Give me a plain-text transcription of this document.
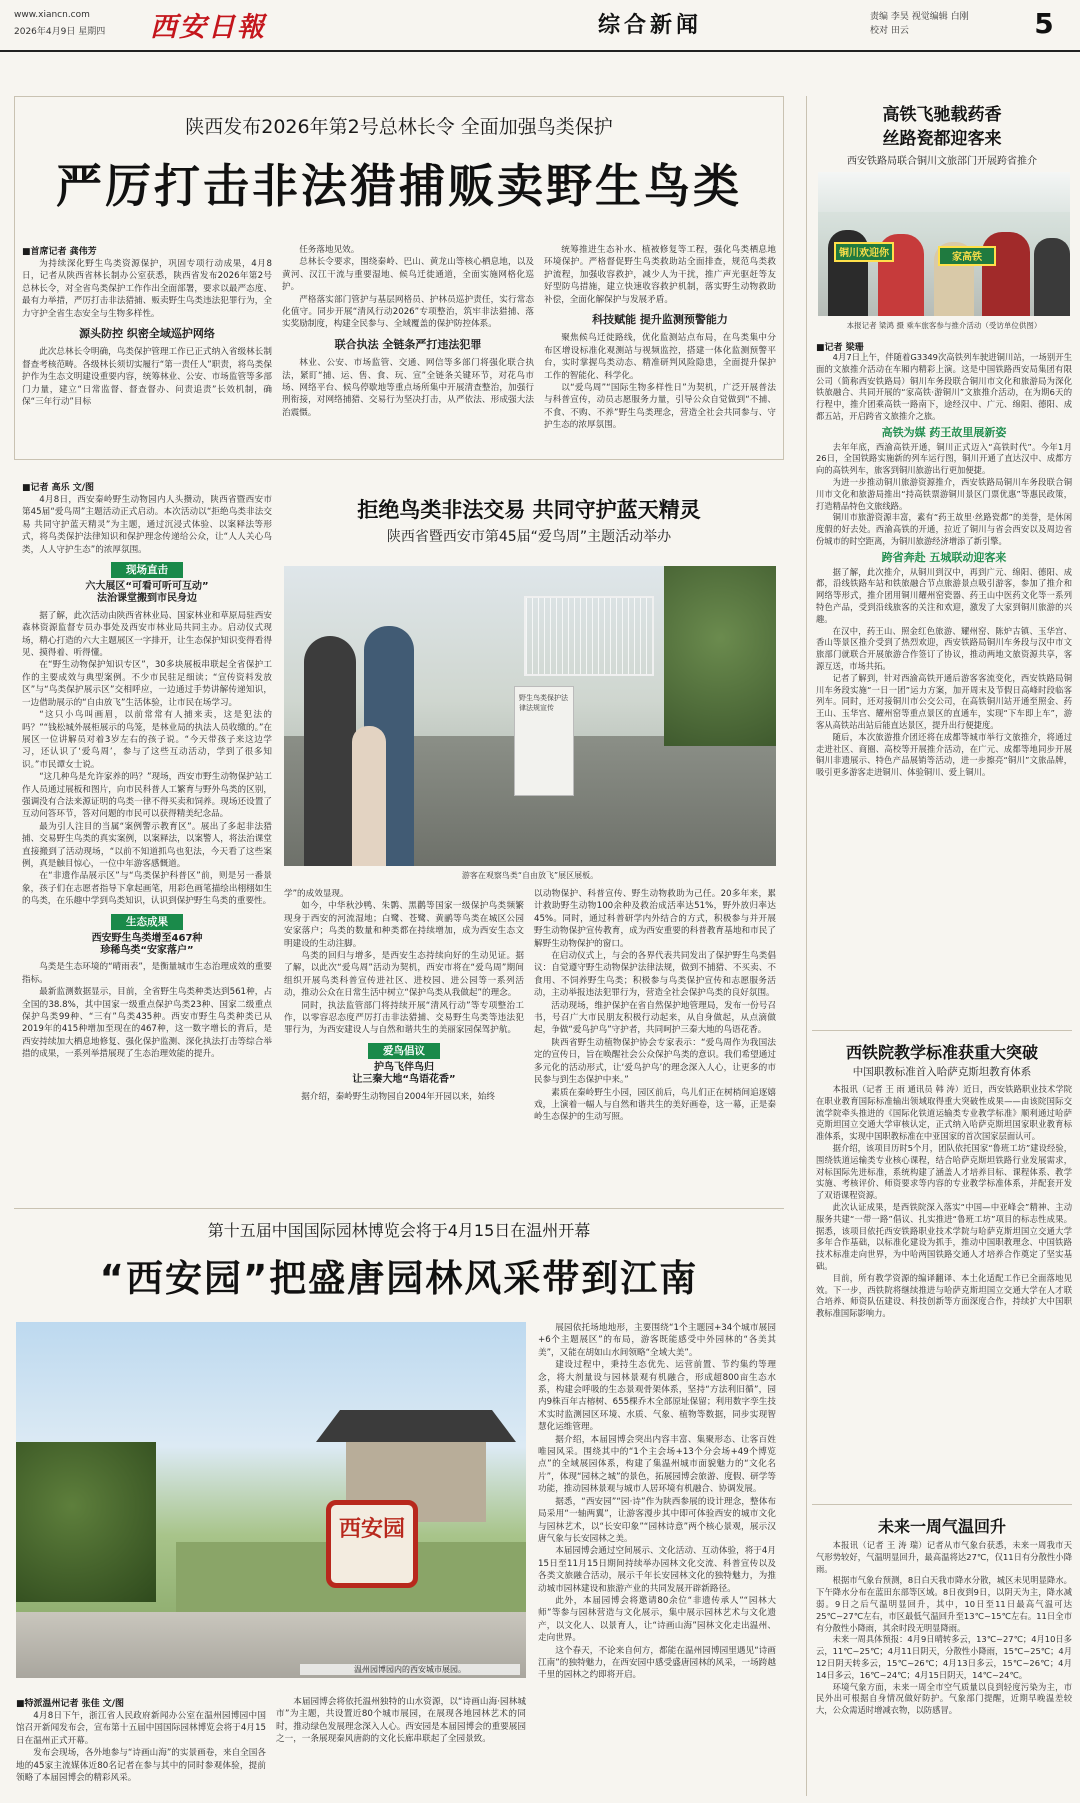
www.xiancn.com
2026年4月9日 星期四 西安日報	综合新闻	责编 李昊 视觉编辑 白刚
校对 田云	5
陕西发布2026年第2号总林长令 全面加强鸟类保护
严厉打击非法猎捕贩卖野生鸟类
■首席记者 龚伟芳

为持续深化野生鸟类资源保护，巩固专项行动成果，4月8日，记者从陕西省林长制办公室获悉，陕西省发布2026年第2号总林长令，对全省鸟类保护工作作出全面部署，要求以最严态度、最有力举措，严厉打击非法猎捕、贩卖野生鸟类违法犯罪行为，全力守护全省生态安全与生物多样性。

源头防控 织密全域巡护网络

此次总林长令明确，鸟类保护管理工作已正式纳入省级林长制督查考核范畴。各级林长须切实履行“第一责任人”职责，将鸟类保护作为生态文明建设重要内容，统筹林业、公安、市场监管等多部门力量，建立“日常监督、督查督办、问责追责”长效机制，确保“三年行动”目标

任务落地见效。

总林长令要求，围绕秦岭、巴山、黄龙山等核心栖息地，以及黄河、汉江干流与重要湿地、候鸟迁徙通道，全面实施网格化巡护。

严格落实部门管护与基层网格员、护林员巡护责任，实行常态化值守。同步开展“清风行动2026”专项整治，筑牢非法猎捕、落实奖励制度，构建全民参与、全域覆盖的保护防控体系。

联合执法 全链条严打违法犯罪

林业、公安、市场监管、交通、网信等多部门将强化联合执法，紧盯“捕、运、售、食、玩、宣”全链条关键环节，对花鸟市场、网络平台、候鸟停歇地等重点场所集中开展清查整治，加强行刑衔接，对网络捕猎、交易行为坚决打击，从严依法、形成强大法治震慑。

统筹推进生态补水、植被修复等工程，强化鸟类栖息地环境保护。严格督促野生鸟类救助站全面排查，规范鸟类救护流程，加强收容救护，减少人为干扰，推广声光驱赶等友好型防鸟措施，建立快速收容救护机制，落实野生动物救助补偿，全面化解保护与发展矛盾。

科技赋能 提升监测预警能力

聚焦候鸟迁徙路线，优化监测站点布局，在鸟类集中分布区增设标准化观测站与视频监控，搭建一体化监测预警平台，实时掌握鸟类动态、精准研判风险隐患，全面提升保护工作的智能化、科学化。

以“爱鸟周”“国际生物多样性日”为契机，广泛开展普法与科普宣传，动员志愿服务力量，引导公众自觉做到“不捕、不食、不购、不养”野生鸟类理念，营造全社会共同参与、守护生态的浓厚氛围。

高铁飞驰载药香
丝路瓷都迎客来
西安铁路局联合铜川文旅部门开展跨省推介
铜川欢迎你	家高铁
本报记者 梁鸿 摄 乘车旅客参与推介活动（受访单位供图）
■记者 梁珊

4月7日上午，伴随着G3349次高铁列车驶进铜川站，一场别开生面的文旅推介活动在车厢内精彩上演。这是中国铁路西安局集团有限公司（简称西安铁路局）铜川车务段联合铜川市文化和旅游局为深化铁旅融合、共同开展的“家高铁·游铜川”文旅推介活动，在为期6天的行程中，推介团乘高铁一路南下，途经汉中、广元、绵阳、德阳、成都五站，开启跨省文旅推介之旅。

高铁为媒 药王故里展新姿

去年年底，西渝高铁开通，铜川正式迈入“高铁时代”。今年1月26日，全国铁路实施新的列车运行图，铜川开通了直达汉中、成都方向的高铁列车，旅客到铜川旅游出行更加便捷。

为进一步推动铜川旅游资源推介，西安铁路局铜川车务段联合铜川市文化和旅游局推出“持高铁票游铜川景区门票优惠”等惠民政策，打造精品特色文旅线路。

铜川市旅游资源丰富，素有“药王故里·丝路瓷都”的美誉，是休闲度假的好去处。西渝高铁的开通，拉近了铜川与省会西安以及周边省份城市的时空距离，为铜川旅游经济增添了新引擎。

跨省奔赴 五城联动迎客来

据了解，此次推介，从铜川到汉中，再到广元、绵阳、德阳、成都，沿线铁路车站和铁旅融合节点旅游景点吸引游客，参加了推介和网络等形式，推介团用铜川耀州窑瓷器、药王山中医药文化等一系列特色产品，受到沿线旅客的关注和欢迎，激发了大家到铜川旅游的兴趣。

在汉中，药王山、照金红色旅游、耀州窑、陈炉古镇、玉华宫、香山等景区推介受到了热烈欢迎，西安铁路局铜川车务段与汉中市文旅部门就联合开展旅游合作签订了协议，推动两地文旅资源共享，客源互送，市场共拓。

记者了解到，针对西渝高铁开通后游客客流变化，西安铁路局铜川车务段实施“一日一团”运力方案，加开周末及节假日高峰时段临客列车。同时，还对接铜川市公交公司，在高铁铜川站开通至照金、药王山、玉华宫、耀州窑等重点景区的直通车，实现“下车即上车”，游客从高铁站出站后能直达景区，提升出行便捷度。

随后，本次旅游推介团还将在成都等城市举行文旅推介，将通过走进社区、商圈、高校等开展推介活动，在广元、成都等地同步开展铜川非遗展示、特色产品展销等活动，进一步擦亮“铜川”文旅品牌，吸引更多游客走进铜川、体验铜川、爱上铜川。

西铁院教学标准获重大突破
中国职教标准首入哈萨克斯坦教育体系

本报讯（记者 王 雨 通讯员 韩 涛）近日，西安铁路职业技术学院在职业教育国际标准输出领域取得重大突破性成果——由该院国际交流学院牵头推进的《国际化铁道运输类专业教学标准》顺利通过哈萨克斯坦国立交通大学审核认定，正式纳入哈萨克斯坦国家职业教育标准体系，实现中国职教标准在中亚国家的首次国家层面认可。

据介绍，该项目历时5个月，团队依托国家“鲁班工坊”建设经验，围绕铁道运输类专业核心课程，结合哈萨克斯坦铁路行业发展需求，对标国际先进标准，系统构建了涵盖人才培养目标、课程体系、教学实施、考核评价、师资要求等内容的专业教学标准体系，并配套开发了双语课程资源。

此次认证成果，是西铁院深入落实“中国—中亚峰会”精神、主动服务共建“一带一路”倡议、扎实推进“鲁班工坊”项目的标志性成果。据悉，该项目依托西安铁路职业技术学院与哈萨克斯坦国立交通大学多年合作基础，以标准化建设为抓手，推动中国职教理念、中国铁路技术标准走向世界，为中哈两国铁路交通人才培养合作奠定了坚实基础。

目前，所有教学资源的编译翻译、本土化适配工作已全面落地见效。下一步，西铁院将继续推进与哈萨克斯坦国立交通大学在人才联合培养、师资队伍建设、科技创新等方面深度合作，持续扩大中国职教标准国际影响力。

未来一周气温回升

本报讯（记者 王 涛 瑞）记者从市气象台获悉，未来一周我市天气形势较好，气温明显回升，最高温将达27℃，仅11日有分散性小降雨。

根据市气象台预测，8日白天我市降水分散，城区未见明显降水。下午降水分布在蓝田东部等区域。8日夜到9日，以阴天为主，降水减弱。9日之后气温明显回升，其中，10日至11日最高气温可达25℃~27℃左右，市区最低气温回升至13℃~15℃左右。11日全市有分散性小降雨，其余时段无明显降雨。

未来一周具体预报：4月9日晴转多云，13℃~27℃；4月10日多云，11℃~25℃；4月11日阴天，分散性小降雨，15℃~25℃；4月12日阴天转多云，15℃~26℃；4月13日多云，15℃~26℃；4月14日多云，16℃~24℃；4月15日阴天，14℃~24℃。

环境气象方面，未来一周全市空气质量以良到轻度污染为主，市民外出可根据自身情况做好防护。气象部门提醒，近期早晚温差较大，公众需适时增减衣物，以防感冒。

■记者 高乐 文/图

4月8日，西安秦岭野生动物园内人头攒动，陕西省暨西安市第45届“爱鸟周”主题活动正式启动。本次活动以“拒绝鸟类非法交易 共同守护蓝天精灵”为主题，通过沉浸式体验、以案释法等形式，将鸟类保护法律知识和保护理念传递给公众，让“人人关心鸟类，人人守护生态”的浓厚氛围。

现场直击
六大展区“可看可听可互动”
法治课堂搬到市民身边

据了解，此次活动由陕西省林业局、国家林业和草原局驻西安森林资源监督专员办事处及西安市林业局共同主办。启动仪式现场，精心打造的六大主题展区一字排开，让生态保护知识变得看得见、摸得着、听得懂。

在“野生动物保护知识专区”，30多块展板串联起全省保护工作的主要成效与典型案例。不少市民驻足细读；“宣传资料发放区”与“鸟类保护展示区”交相呼应，一边通过手势讲解传递知识，一边借助展示的“自由放飞”生活体验，让市民在场学习。

“这只小鸟叫画眉，以前常常有人捕来卖，这是犯法的吗？”“钱松城外展柜展示的鸟笼，是林业局的执法人员收缴的。”在展区一位讲解员对着3岁左右的孩子说。“今天带孩子来这边学习，还认识了‘爱鸟周’，参与了这些互动活动，学到了很多知识。”市民谭女士说。

“这几种鸟是允许家养的吗？”现场，西安市野生动物保护站工作人员通过展板和图片，向市民科普人工繁育与野外鸟类的区别，强调没有合法来源证明的鸟类一律不得买卖和饲养。现场还设置了互动问答环节，答对问题的市民可以获得精美纪念品。

最为引人注目的当属“案例警示教育区”。展出了多起非法猎捕、交易野生鸟类的真实案例，以案释法，以案警人，将法治课堂直接搬到了活动现场，“以前不知道抓鸟也犯法，今天看了这些案例，真是触目惊心，一位中年游客感慨道。

在“非遗作品展示区”与“鸟类保护科普区”前，则是另一番景象，孩子们在志愿者指导下拿起画笔，用彩色画笔描绘出栩栩如生的鸟类，在乐趣中学到鸟类知识，认识到保护野生鸟类的重要性。

生态成果
西安野生鸟类增至467种
珍稀鸟类“安家落户”

鸟类是生态环境的“晴雨表”，是衡量城市生态治理成效的重要指标。

最新监测数据显示，目前，全省野生鸟类种类达到561种，占全国的38.8%，其中国家一级重点保护鸟类23种、国家二级重点保护鸟类99种、“三有”鸟类435种。西安市野生鸟类种类已从2019年的415种增加至现在的467种，这一数字增长的背后，是西安持续加大栖息地修复、强化保护监测、深化执法打击等综合举措的成果，一系列举措展现了生态治理效能的提升。

拒绝鸟类非法交易 共同守护蓝天精灵
陕西省暨西安市第45届“爱鸟周”主题活动举办
野生鸟类保护法律法规宣传
游客在观察鸟类“自由放飞”展区展板。

学”的成效显现。

如今，中华秋沙鸭、朱鹮、黑鹳等国家一级保护鸟类频繁现身于西安的河流湿地；白鹭、苍鹭、黄鹂等鸟类在城区公园安家落户；鸟类的数量和种类都在持续增加，成为西安生态文明建设的生动注脚。

鸟类的回归与增多，是西安生态持续向好的生动见证。据了解，以此次“爱鸟周”活动为契机，西安市将在“爱鸟周”期间组织开展鸟类科普宣传进社区、进校园、进公园等一系列活动，推动公众在日常生活中树立“保护鸟类从我做起”的理念。

同时，执法监管部门将持续开展“清风行动”等专项整治工作，以零容忍态度严厉打击非法猎捕、交易野生鸟类等违法犯罪行为，为西安建设人与自然和谐共生的美丽家园保驾护航。

爱鸟倡议
护鸟飞伴鸟归
让三秦大地“鸟语花香”

据介绍，秦岭野生动物园自2004年开园以来，始终

以动物保护、科普宣传、野生动物救助为己任。20多年来，累计救助野生动物100余种及救治成活率达51%，野外放归率达45%。同时，通过科普研学内外结合的方式，积极参与并开展野生动物保护宣传教育，成为西安重要的科普教育基地和市民了解野生动物保护的窗口。

在启动仪式上，与会的各界代表共同发出了保护野生鸟类倡议：自觉遵守野生动物保护法律法规，做到不捕猎、不买卖、不食用、不饲养野生鸟类；积极参与鸟类保护宣传和志愿服务活动，主动举报违法犯罪行为，营造全社会保护鸟类的良好氛围。

活动现场，维护保护在省自然保护地管理局，发布一份号召书，号召广大市民朋友积极行动起来，从自身做起，从点滴做起，争做“爱鸟护鸟”守护者，共同呵护三秦大地的鸟语花香。

陕西省野生动植物保护协会专家表示：“爱鸟周作为我国法定的宣传日，旨在唤醒社会公众保护鸟类的意识。我们希望通过多元化的活动形式，让‘爱鸟护鸟’的理念深入人心，让更多的市民参与到生态保护中来。”

素质在秦岭野生小园，园区前后，鸟儿们正在树梢间追逐嬉戏，上演着一幅人与自然和谐共生的美好画卷，这一幕，正是秦岭生态保护的生动写照。

第十五届中国国际园林博览会将于4月15日在温州开幕
“西安园”把盛唐园林风采带到江南
西安园
温州园博园内的西安城市展园。

展园依托场地地形，主要围绕“1个主题园+34个城市展园+6个主题展区”的布局，游客既能感受中外园林的“各美其美”，又能在胡如山水间领略“全域大美”。

建设过程中，秉持生态优先、运营前置、节约集约等理念，将大剂量设与园林景观有机融合，形成超800亩生态水系，构建会呼吸的生态景观骨架体系，坚持“方法利旧循”，园内9株百年古榕树、655棵乔木全部原址保留；利用数字孪生技术实时监测园区环境、水质、气象、植物等数据，同步实现智慧化运维管理。

据介绍，本届园博会突出内容丰富、集聚形态、让客百姓唯园风采。围绕其中的“1个主会场+13个分会场+49个博览点”的全域展园体系，构建了集温州城市面貌魅力的“文化名片”，体现“园林之城”的景色，拓展园博会旅游、度假、研学等功能，推动园林景观与城市人居环境有机融合、协调发展。

据悉，“西安园”“园·诗”作为陕西参展的设计理念，整体布局采用“一轴两翼”，让游客漫步其中即可体验西安的城市文化与园林艺术，以“长安印象”“园林诗意”两个核心景观，展示汉唐气象与长安园林之美。

本届园博会通过空间展示、文化活动、互动体验，将于4月15日至11月15日期间持续举办园林文化交流、科普宣传以及各类文旅融合活动，展示千年长安园林文化的独特魅力，为推动城市园林建设和旅游产业的共同发展开辟新路径。

此外，本届园博会将邀请80余位“非遗传承人”“园林大师”等参与园林营造与文化展示，集中展示园林艺术与文化遗产，以文化人、以景育人，让“诗画山海”园林文化走出温州、走向世界。

这个春天，不论来自何方，都能在温州园博园里遇见“诗画江南”的独特魅力，在西安园中感受盛唐园林的风采，一场跨越千里的园林之约即将开启。

■特派温州记者 张佳 文/图

4月8日下午，浙江省人民政府新闻办公室在温州园博园中国馆召开新闻发布会，宣布第十五届中国国际园林博览会将于4月15日在温州正式开幕。

发布会现场，各外地参与“诗画山海”的实景画卷，来自全国各地的45家主流媒体近80名记者在参与其中的同时参观体验，提前领略了本届园博会的精彩风采。

本届园博会将依托温州独特的山水资源，以“诗画山海·园林城市”为主题，共设置近80个城市展园，在展现各地园林艺术的同时，推动绿色发展理念深入人心。西安园是本届园博会的重要展园之一，一条展现秦风唐韵的文化长廊串联起了全园景致。
